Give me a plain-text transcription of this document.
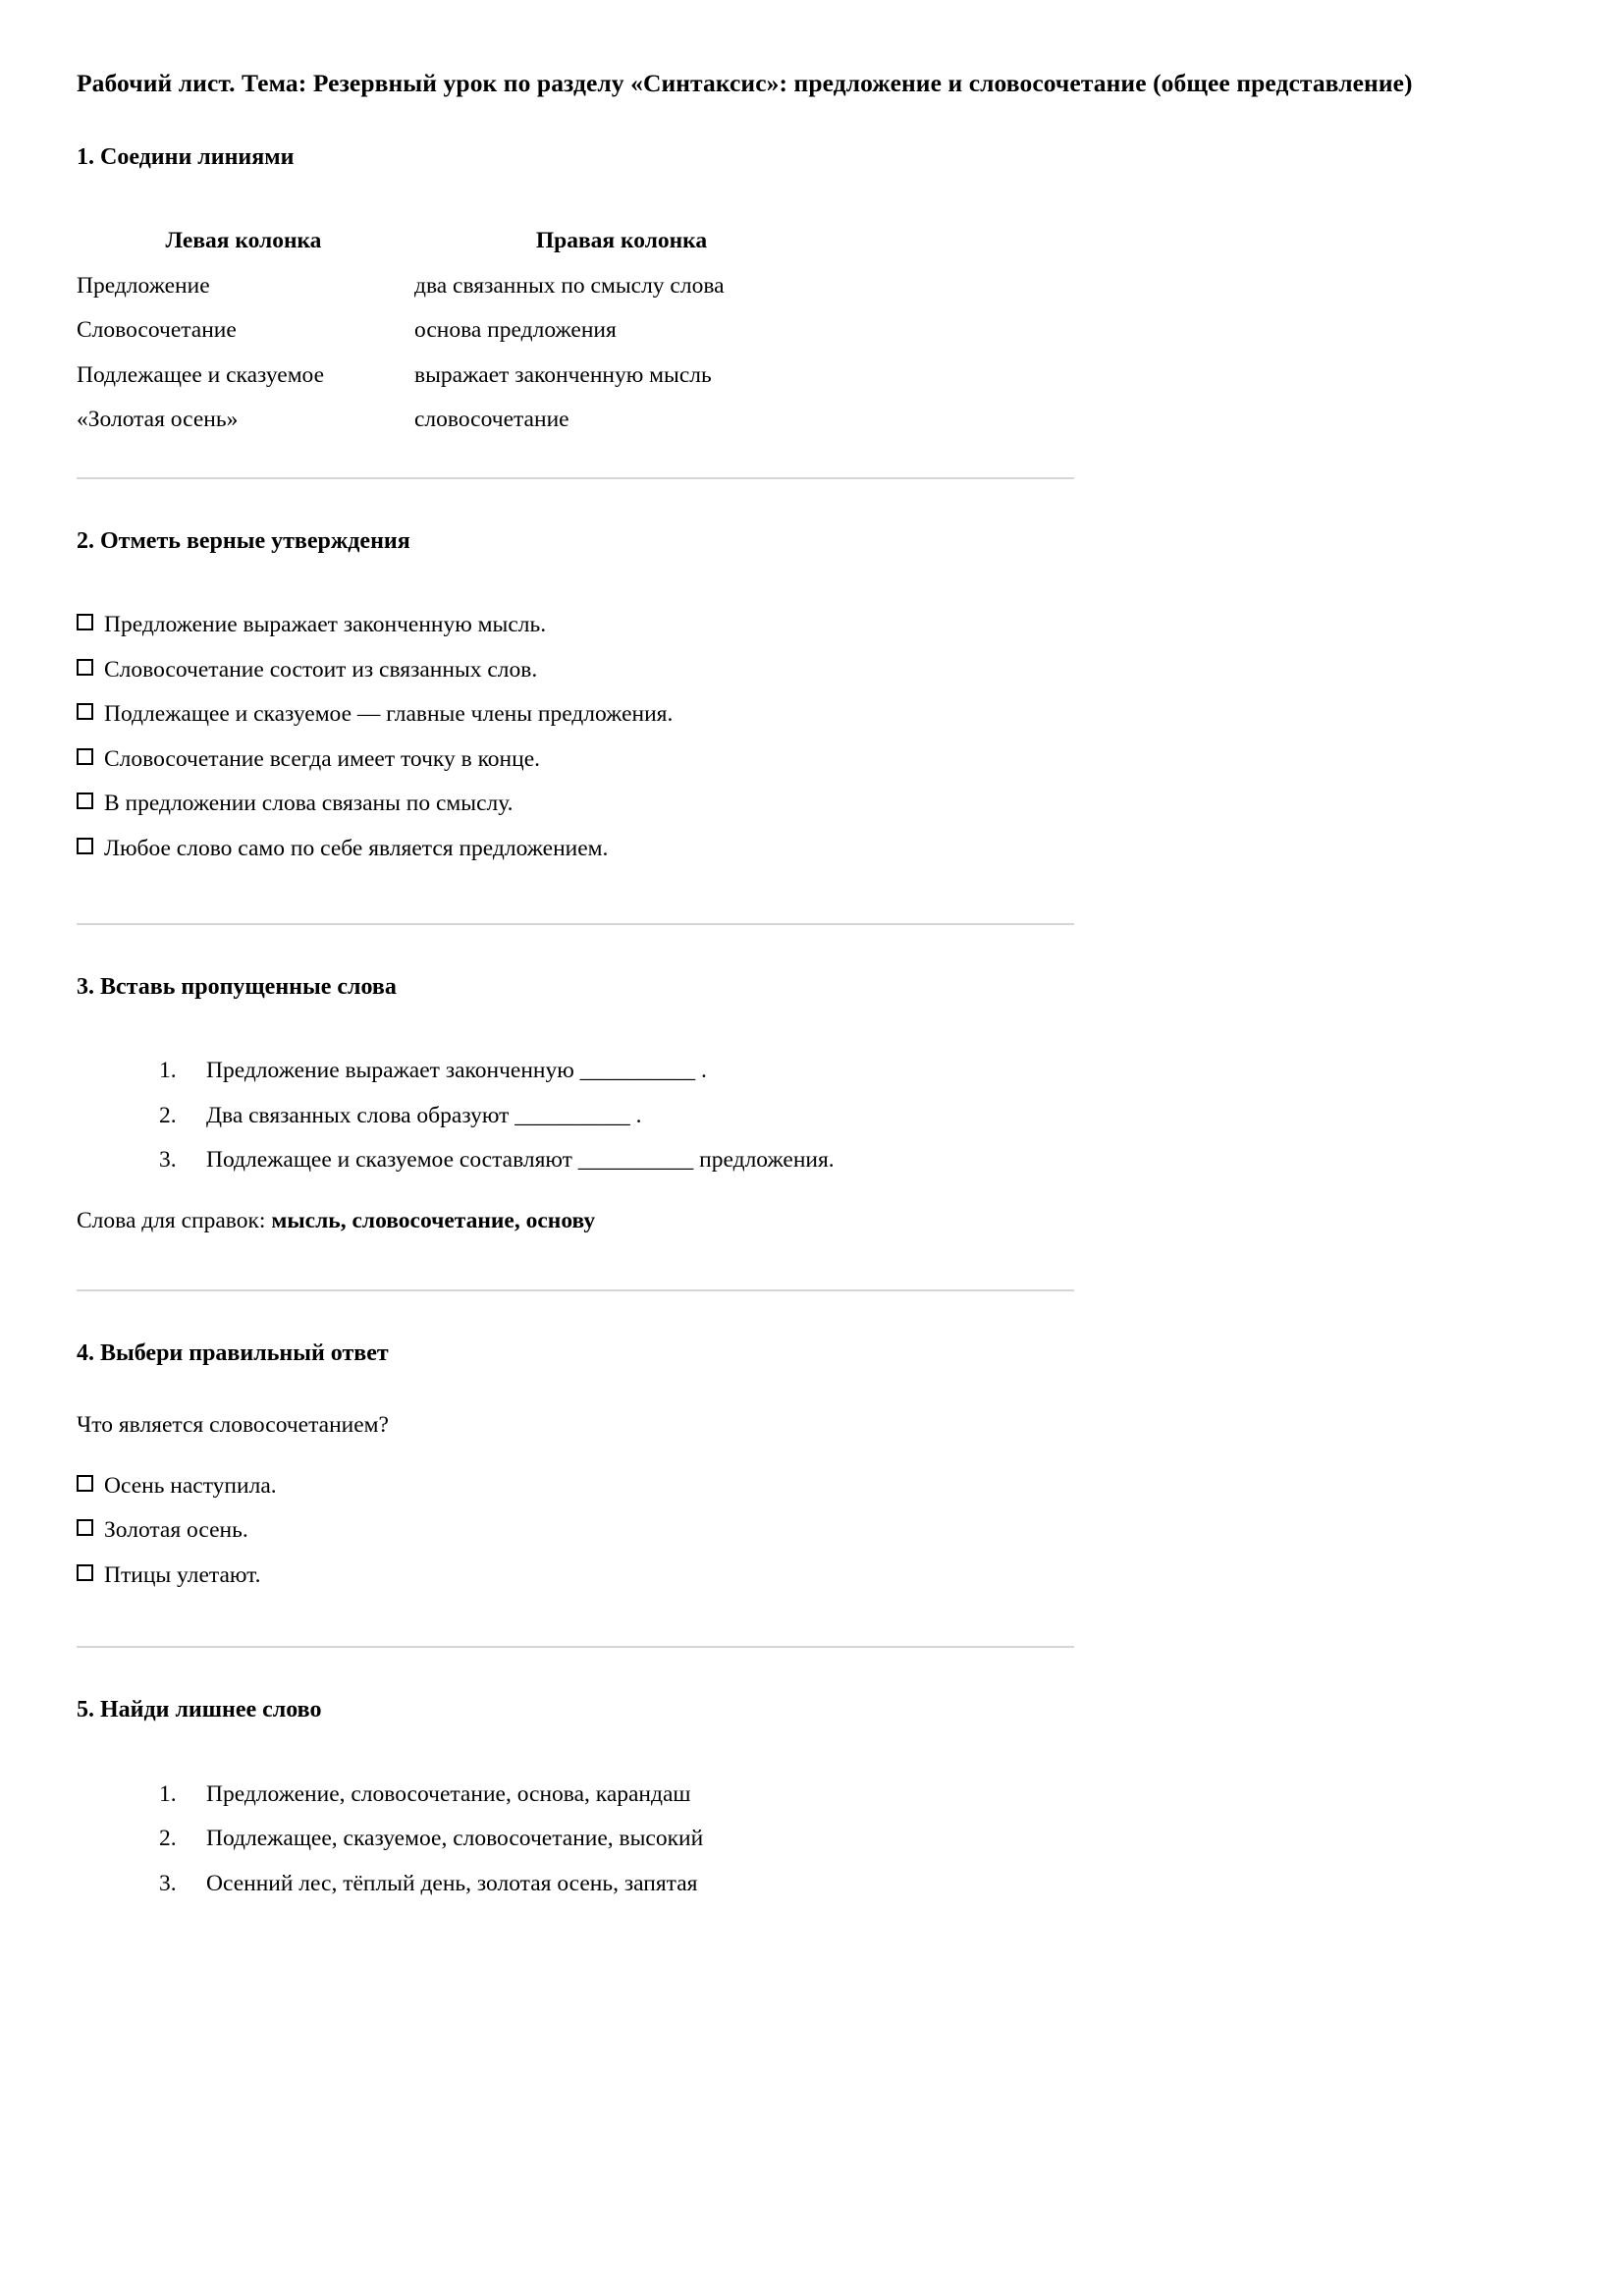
Рабочий лист. Тема: Резервный урок по разделу «Синтаксис»: предложение и словосочетание (общее представление)
1. Соедини линиями
Левая колонка	Правая колонка
Предложение	два связанных по смыслу слова
Словосочетание	основа предложения
Подлежащее и сказуемое	выражает законченную мысль
«Золотая осень»	словосочетание
2. Отметь верные утверждения
Предложение выражает законченную мысль.
Словосочетание состоит из связанных слов.
Подлежащее и сказуемое — главные члены предложения.
Словосочетание всегда имеет точку в конце.
В предложении слова связаны по смыслу.
Любое слово само по себе является предложением.
3. Вставь пропущенные слова
Предложение выражает законченную __________ .
Два связанных слова образуют __________ .
Подлежащее и сказуемое составляют __________ предложения.

Слова для справок: мысль, словосочетание, основу

4. Выбери правильный ответ

Что является словосочетанием?

Осень наступила.
Золотая осень.
Птицы улетают.
5. Найди лишнее слово
Предложение, словосочетание, основа, карандаш
Подлежащее, сказуемое, словосочетание, высокий
Осенний лес, тёплый день, золотая осень, запятая
